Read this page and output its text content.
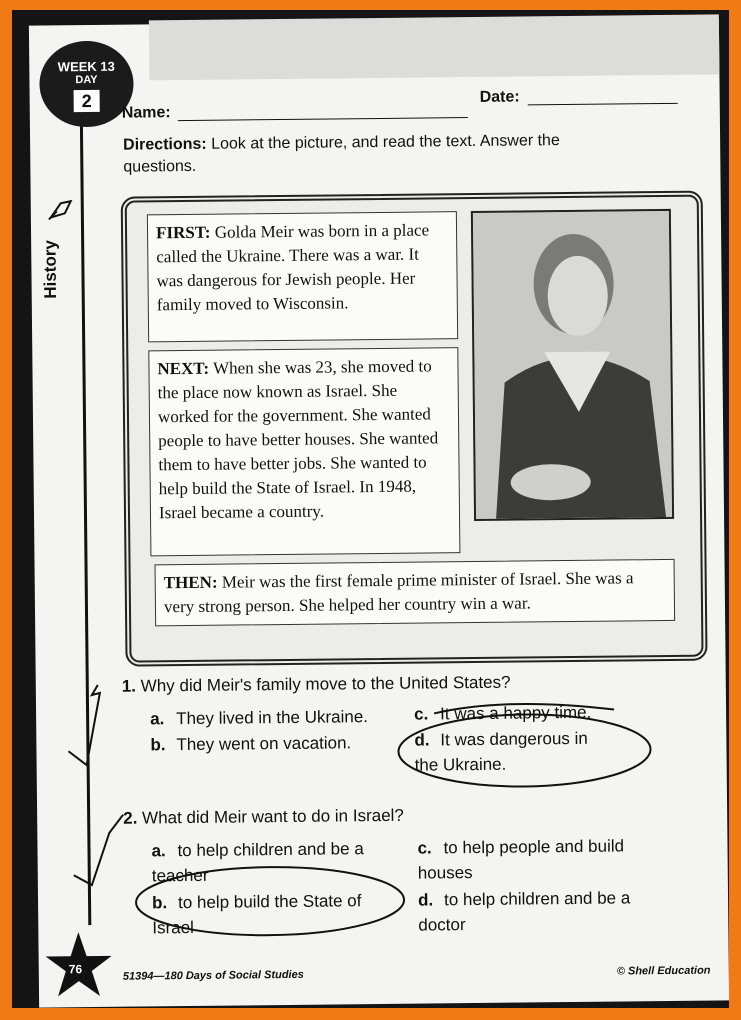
WEEK 13
DAY
2
Name:
Date:
Directions: Look at the picture, and read the text. Answer the questions.
History
FIRST: Golda Meir was born in a place called the Ukraine. There was a war. It was dangerous for Jewish people. Her family moved to Wisconsin.
NEXT: When she was 23, she moved to the place now known as Israel. She worked for the government. She wanted people to have better houses. She wanted them to have better jobs. She wanted to help build the State of Israel. In 1948, Israel became a country.
THEN: Meir was the first female prime minister of Israel. She was a very strong person. She helped her country win a war.
1. Why did Meir's family move to the United States?
a. They lived in the Ukraine.
b. They went on vacation.
c. It was a happy time.
d. It was dangerous in the Ukraine.
2. What did Meir want to do in Israel?
a. to help children and be a teacher
b. to help build the State of Israel
c. to help people and build houses
d. to help children and be a doctor
76	51394—180 Days of Social Studies	© Shell Education
